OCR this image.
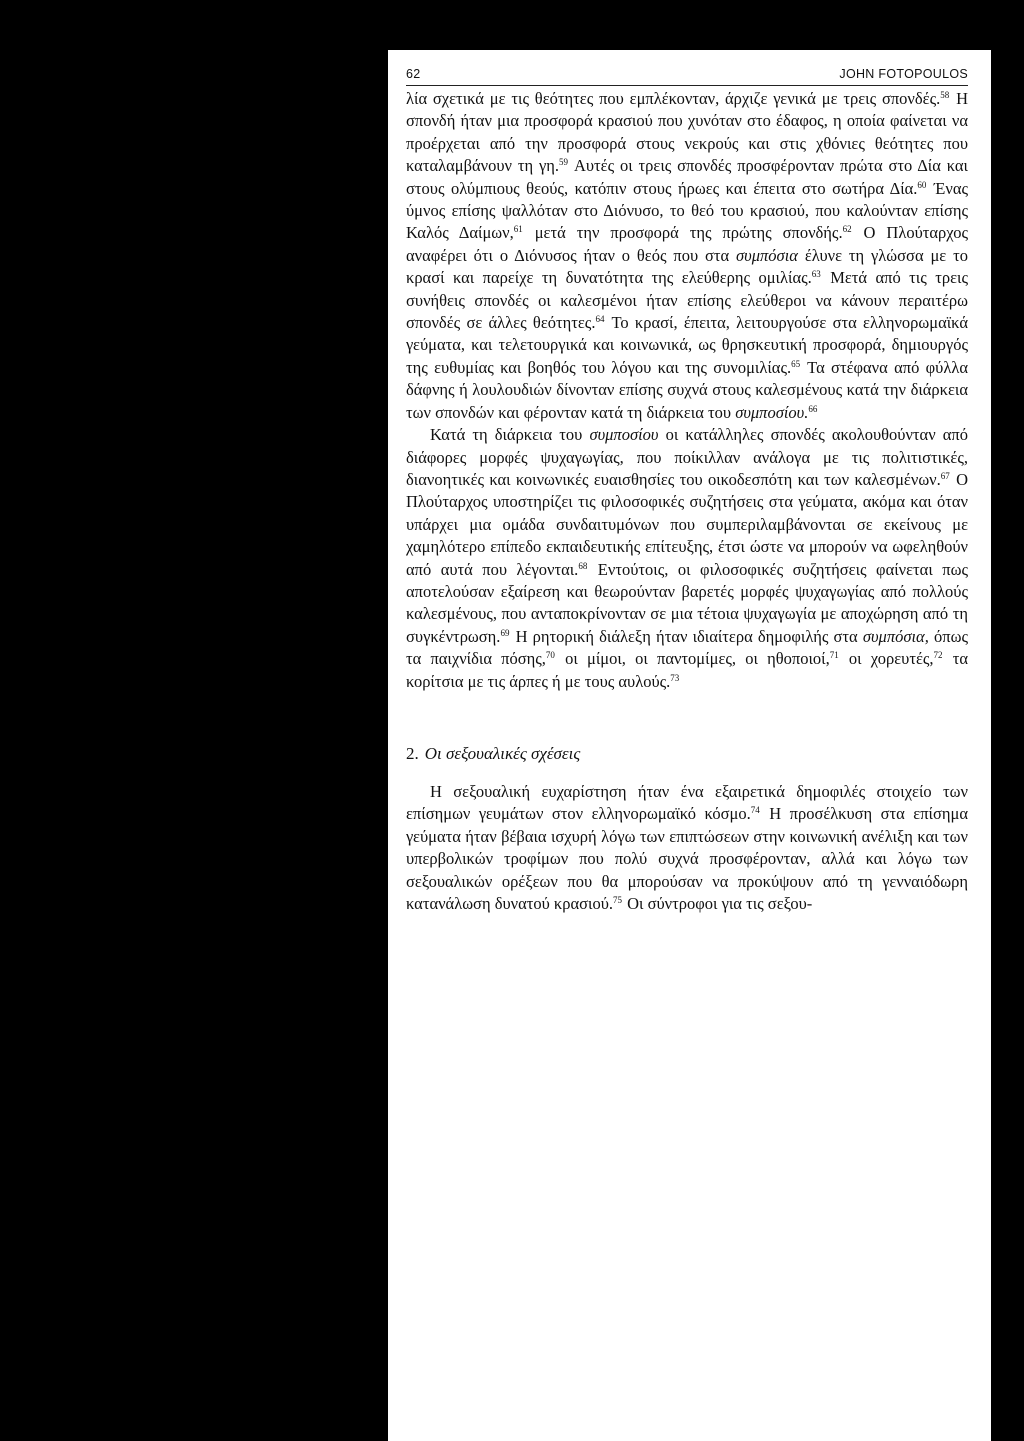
62	JOHN FOTOPOULOS

λία σχετικά με τις θεότητες που εμπλέκονταν, άρχιζε γενικά με τρεις σπονδές.$^{58}$ Η σπονδή ήταν μια προσφορά κρασιού που χυνόταν στο έδαφος, η οποία φαίνεται να προέρχεται από την προσφορά στους νεκρούς και στις χθόνιες θεότητες που καταλαμβάνουν τη γη.$^{59}$ Αυτές οι τρεις σπονδές προσφέρονταν πρώτα στο Δία και στους ολύμπιους θεούς, κατόπιν στους ήρωες και έπειτα στο σωτήρα Δία.$^{60}$ Ένας ύμνος επίσης ψαλλόταν στο Διόνυσο, το θεό του κρασιού, που καλούνταν επίσης Καλός Δαίμων,$^{61}$ μετά την προσφορά της πρώτης σπονδής.$^{62}$ Ο Πλούταρχος αναφέρει ότι ο Διόνυσος ήταν ο θεός που στα συμπόσια έλυνε τη γλώσσα με το κρασί και παρείχε τη δυνατότητα της ελεύθερης ομιλίας.$^{63}$ Μετά από τις τρεις συνήθεις σπονδές οι καλεσμένοι ήταν επίσης ελεύθεροι να κάνουν περαιτέρω σπονδές σε άλλες θεότητες.$^{64}$ Το κρασί, έπειτα, λειτουργούσε στα ελληνορωμαϊκά γεύματα, και τελετουργικά και κοινωνικά, ως θρησκευτική προσφορά, δημιουργός της ευθυμίας και βοηθός του λόγου και της συνομιλίας.$^{65}$ Τα στέφανα από φύλλα δάφνης ή λουλουδιών δίνονταν επίσης συχνά στους καλεσμένους κατά την διάρκεια των σπονδών και φέρονταν κατά τη διάρκεια του συμποσίου.$^{66}$

Κατά τη διάρκεια του συμποσίου οι κατάλληλες σπονδές ακολουθούνταν από διάφορες μορφές ψυχαγωγίας, που ποίκιλλαν ανάλογα με τις πολιτιστικές, διανοητικές και κοινωνικές ευαισθησίες του οικοδεσπότη και των καλεσμένων.$^{67}$ Ο Πλούταρχος υποστηρίζει τις φιλοσοφικές συζητήσεις στα γεύματα, ακόμα και όταν υπάρχει μια ομάδα συνδαιτυμόνων που συμπεριλαμβάνονται σε εκείνους με χαμηλότερο επίπεδο εκπαιδευτικής επίτευξης, έτσι ώστε να μπορούν να ωφεληθούν από αυτά που λέγονται.$^{68}$ Εντούτοις, οι φιλοσοφικές συζητήσεις φαίνεται πως αποτελούσαν εξαίρεση και θεωρούνταν βαρετές μορφές ψυχαγωγίας από πολλούς καλεσμένους, που ανταποκρίνονταν σε μια τέτοια ψυχαγωγία με αποχώρηση από τη συγκέντρωση.$^{69}$ Η ρητορική διάλεξη ήταν ιδιαίτερα δημοφιλής στα συμπόσια, όπως τα παιχνίδια πόσης,$^{70}$ οι μίμοι, οι παντομίμες, οι ηθοποιοί,$^{71}$ οι χορευτές,$^{72}$ τα κορίτσια με τις άρπες ή με τους αυλούς.$^{73}$

2. Οι σεξουαλικές σχέσεις

Η σεξουαλική ευχαρίστηση ήταν ένα εξαιρετικά δημοφιλές στοιχείο των επίσημων γευμάτων στον ελληνορωμαϊκό κόσμο.$^{74}$ Η προσέλκυση στα επίσημα γεύματα ήταν βέβαια ισχυρή λόγω των επιπτώσεων στην κοινωνική ανέλιξη και των υπερβολικών τροφίμων που πολύ συχνά προσφέρονταν, αλλά και λόγω των σεξουαλικών ορέξεων που θα μπορούσαν να προκύψουν από τη γενναιόδωρη κατανάλωση δυνατού κρασιού.$^{75}$ Οι σύντροφοι για τις σεξου-
